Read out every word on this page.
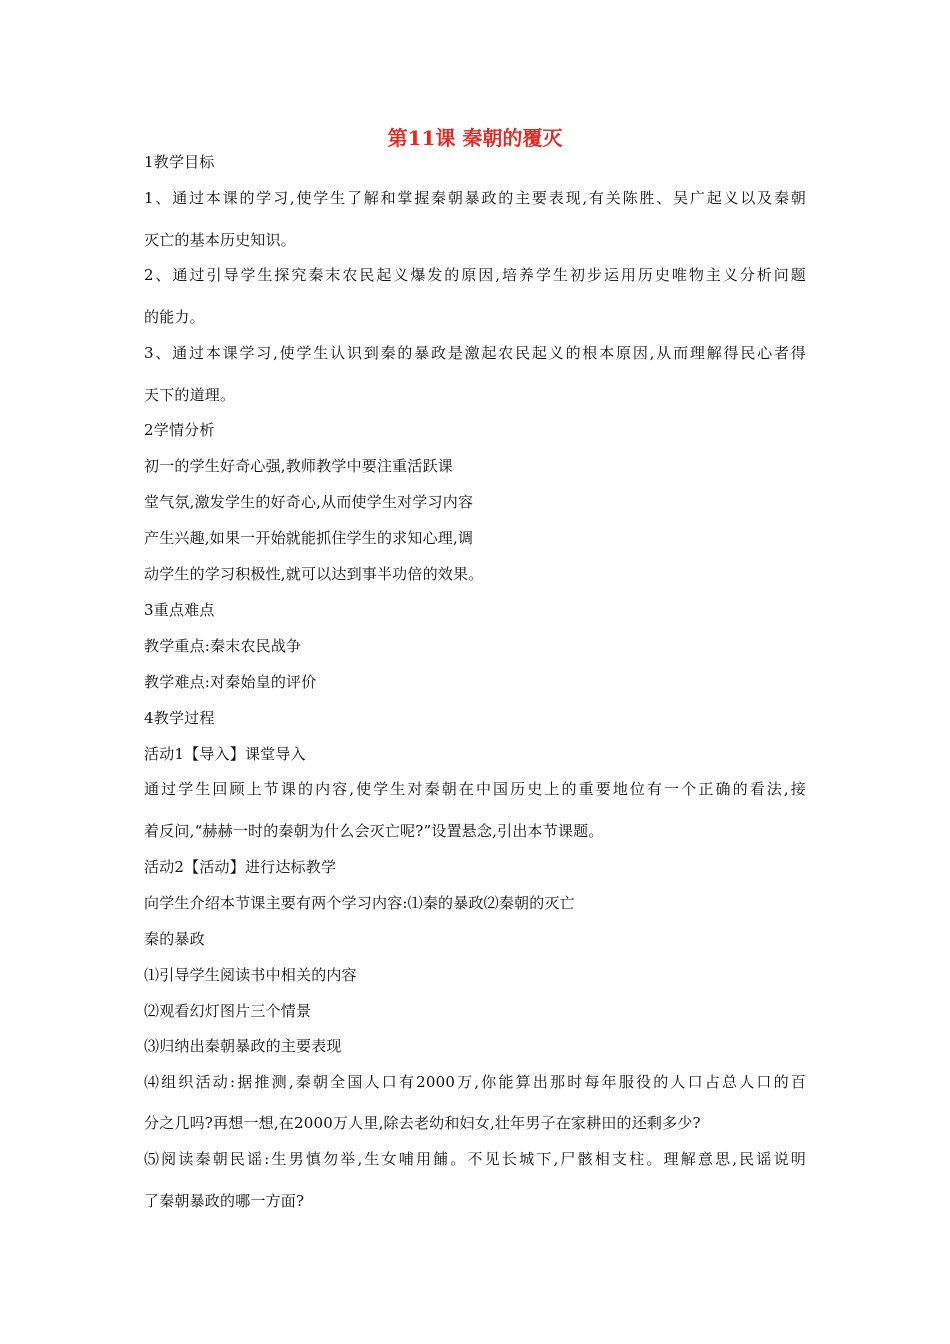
第11课 秦朝的覆灭
1教学目标
1、通过本课的学习,使学生了解和掌握秦朝暴政的主要表现,有关陈胜、吴广起义以及秦朝
灭亡的基本历史知识。
2、通过引导学生探究秦末农民起义爆发的原因,培养学生初步运用历史唯物主义分析问题
的能力。
3、通过本课学习,使学生认识到秦的暴政是激起农民起义的根本原因,从而理解得民心者得
天下的道理。
2学情分析
初一的学生好奇心强,教师教学中要注重活跃课
堂气氛,激发学生的好奇心,从而使学生对学习内容
产生兴趣,如果一开始就能抓住学生的求知心理,调
动学生的学习积极性,就可以达到事半功倍的效果。
3重点难点
教学重点:秦末农民战争
教学难点:对秦始皇的评价
4教学过程
活动1【导入】课堂导入
通过学生回顾上节课的内容,使学生对秦朝在中国历史上的重要地位有一个正确的看法,接
着反问,“赫赫一时的秦朝为什么会灭亡呢?”设置悬念,引出本节课题。
活动2【活动】进行达标教学
向学生介绍本节课主要有两个学习内容:⑴秦的暴政⑵秦朝的灭亡
秦的暴政
⑴引导学生阅读书中相关的内容
⑵观看幻灯图片三个情景
⑶归纳出秦朝暴政的主要表现
⑷组织活动:据推测,秦朝全国人口有2000万,你能算出那时每年服役的人口占总人口的百
分之几吗?再想一想,在2000万人里,除去老幼和妇女,壮年男子在家耕田的还剩多少?
⑸阅读秦朝民谣:生男慎勿举,生女哺用餔。不见长城下,尸骸相支柱。理解意思,民谣说明
了秦朝暴政的哪一方面?
